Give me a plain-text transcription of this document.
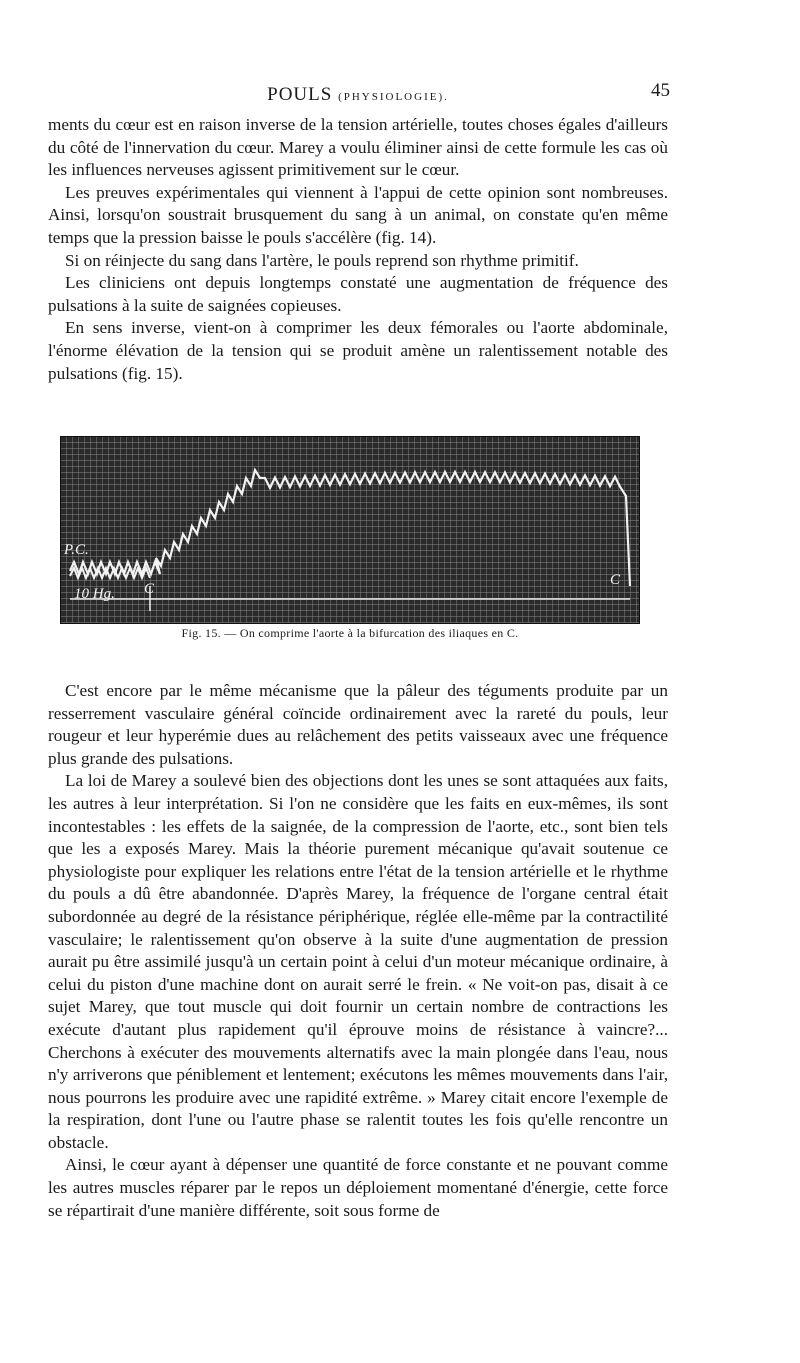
POULS (PHYSIOLOGIE).	45

ments du cœur est en raison inverse de la tension artérielle, toutes choses égales d'ailleurs du côté de l'innervation du cœur. Marey a voulu éliminer ainsi de cette formule les cas où les influences nerveuses agissent primitivement sur le cœur.

Les preuves expérimentales qui viennent à l'appui de cette opinion sont nombreuses. Ainsi, lorsqu'on soustrait brusquement du sang à un animal, on constate qu'en même temps que la pression baisse le pouls s'accélère (fig. 14).

Si on réinjecte du sang dans l'artère, le pouls reprend son rhythme primitif.

Les cliniciens ont depuis longtemps constaté une augmentation de fréquence des pulsations à la suite de saignées copieuses.

En sens inverse, vient-on à comprimer les deux fémorales ou l'aorte abdominale, l'énorme élévation de la tension qui se produit amène un ralentissement notable des pulsations (fig. 15).

P.C.
10 Hg. C
C
Fig. 15. — On comprime l'aorte à la bifurcation des iliaques en C.

C'est encore par le même mécanisme que la pâleur des téguments produite par un resserrement vasculaire général coïncide ordinairement avec la rareté du pouls, leur rougeur et leur hyperémie dues au relâchement des petits vaisseaux avec une fréquence plus grande des pulsations.

La loi de Marey a soulevé bien des objections dont les unes se sont attaquées aux faits, les autres à leur interprétation. Si l'on ne considère que les faits en eux-mêmes, ils sont incontestables : les effets de la saignée, de la compression de l'aorte, etc., sont bien tels que les a exposés Marey. Mais la théorie purement mécanique qu'avait soutenue ce physiologiste pour expliquer les relations entre l'état de la tension artérielle et le rhythme du pouls a dû être abandonnée. D'après Marey, la fréquence de l'organe central était subordonnée au degré de la résistance périphérique, réglée elle-même par la contractilité vasculaire; le ralentissement qu'on observe à la suite d'une augmentation de pression aurait pu être assimilé jusqu'à un certain point à celui d'un moteur mécanique ordinaire, à celui du piston d'une machine dont on aurait serré le frein. « Ne voit-on pas, disait à ce sujet Marey, que tout muscle qui doit fournir un certain nombre de contractions les exécute d'autant plus rapidement qu'il éprouve moins de résistance à vaincre?... Cherchons à exécuter des mouvements alternatifs avec la main plongée dans l'eau, nous n'y arriverons que péniblement et lentement; exécutons les mêmes mouvements dans l'air, nous pourrons les produire avec une rapidité extrême. » Marey citait encore l'exemple de la respiration, dont l'une ou l'autre phase se ralentit toutes les fois qu'elle rencontre un obstacle.

Ainsi, le cœur ayant à dépenser une quantité de force constante et ne pouvant comme les autres muscles réparer par le repos un déploiement momentané d'énergie, cette force se répartirait d'une manière différente, soit sous forme de
